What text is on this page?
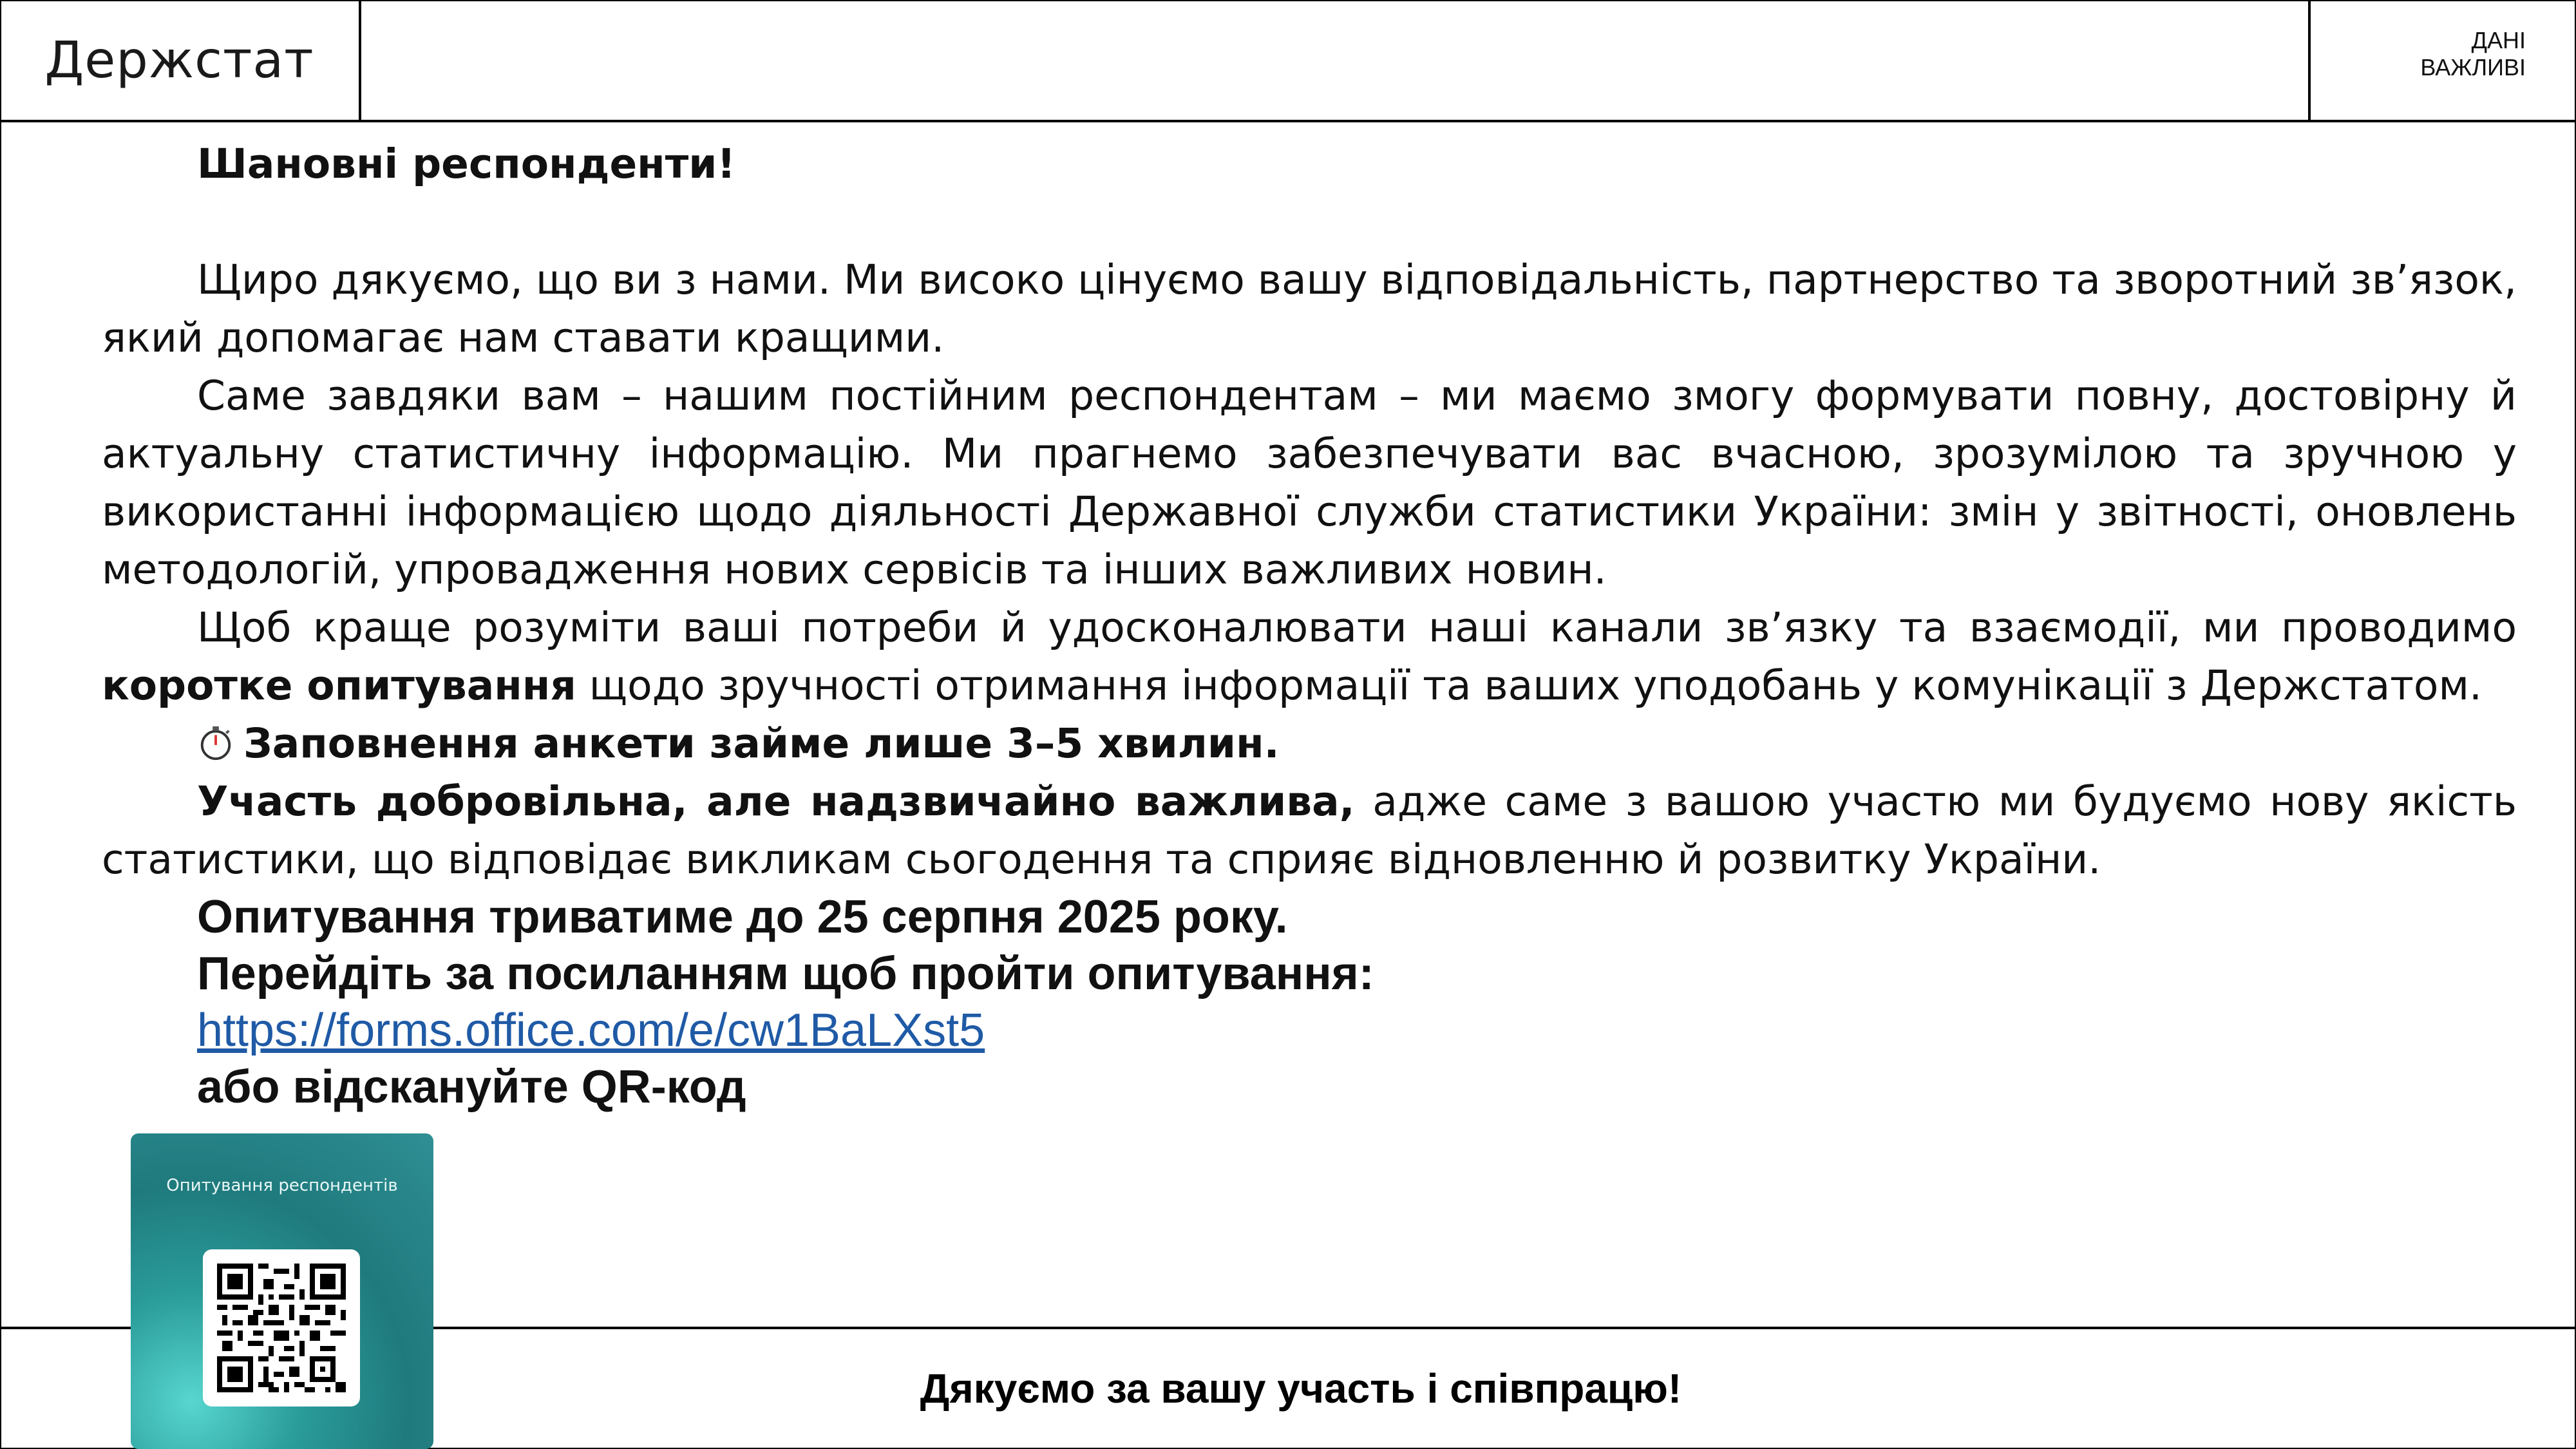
Держстат	ДАНІ
ВАЖЛИВІ
Шановні респонденти!

Щиро дякуємо, що ви з нами. Ми високо цінуємо вашу відповідальність, партнерство та зворотний зв’язок, який допомагає нам ставати кращими.

Саме завдяки вам – нашим постійним респондентам – ми маємо змогу формувати повну, достовірну й актуальну статистичну інформацію. Ми прагнемо забезпечувати вас вчасною, зрозумілою та зручною у використанні інформацією щодо діяльності Державної служби статистики України: змін у звітності, оновлень методологій, упровадження нових сервісів та інших важливих новин.

Щоб краще розуміти ваші потреби й удосконалювати наші канали зв’язку та взаємодії, ми проводимо коротке опитування щодо зручності отримання інформації та ваших уподобань у комунікації з Держстатом.

Заповнення анкети займе лише 3–5 хвилин.

Участь добровільна, але надзвичайно важлива, адже саме з вашою участю ми будуємо нову якість статистики, що відповідає викликам сьогодення та сприяє відновленню й розвитку України.

Опитування триватиме до 25 серпня 2025 року.
Перейдіть за посиланням щоб пройти опитування:
https://forms.office.com/e/cw1BaLXst5
або відскануйте QR-код
Дякуємо за вашу участь і співпрацю!
Опитування респондентів
